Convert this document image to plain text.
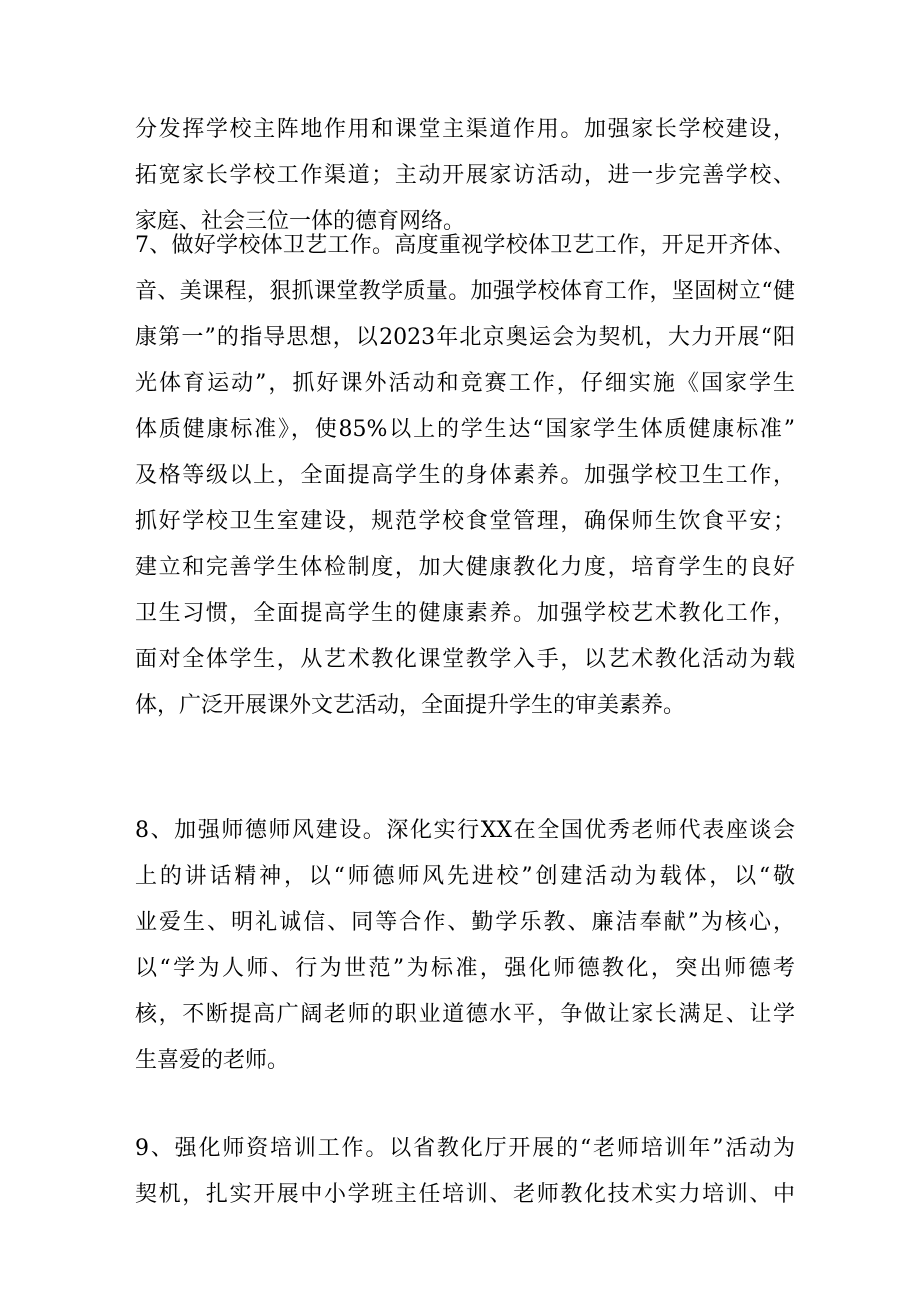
分发挥学校主阵地作用和课堂主渠道作用。加强家长学校建设，
拓宽家长学校工作渠道；主动开展家访活动，进一步完善学校、
家庭、社会三位一体的德育网络。
7、做好学校体卫艺工作。高度重视学校体卫艺工作，开足开齐体、
音、美课程，狠抓课堂教学质量。加强学校体育工作，坚固树立“健
康第一”的指导思想，以2023年北京奥运会为契机，大力开展“阳
光体育运动”，抓好课外活动和竞赛工作，仔细实施《国家学生
体质健康标准》，使85%以上的学生达“国家学生体质健康标准”
及格等级以上，全面提高学生的身体素养。加强学校卫生工作，
抓好学校卫生室建设，规范学校食堂管理，确保师生饮食平安；
建立和完善学生体检制度，加大健康教化力度，培育学生的良好
卫生习惯，全面提高学生的健康素养。加强学校艺术教化工作，
面对全体学生，从艺术教化课堂教学入手，以艺术教化活动为载
体，广泛开展课外文艺活动，全面提升学生的审美素养。
8、加强师德师风建设。深化实行XX在全国优秀老师代表座谈会
上的讲话精神，以“师德师风先进校”创建活动为载体，以“敬
业爱生、明礼诚信、同等合作、勤学乐教、廉洁奉献”为核心，
以“学为人师、行为世范”为标准，强化师德教化，突出师德考
核，不断提高广阔老师的职业道德水平，争做让家长满足、让学
生喜爱的老师。
9、强化师资培训工作。以省教化厅开展的“老师培训年”活动为
契机，扎实开展中小学班主任培训、老师教化技术实力培训、中
